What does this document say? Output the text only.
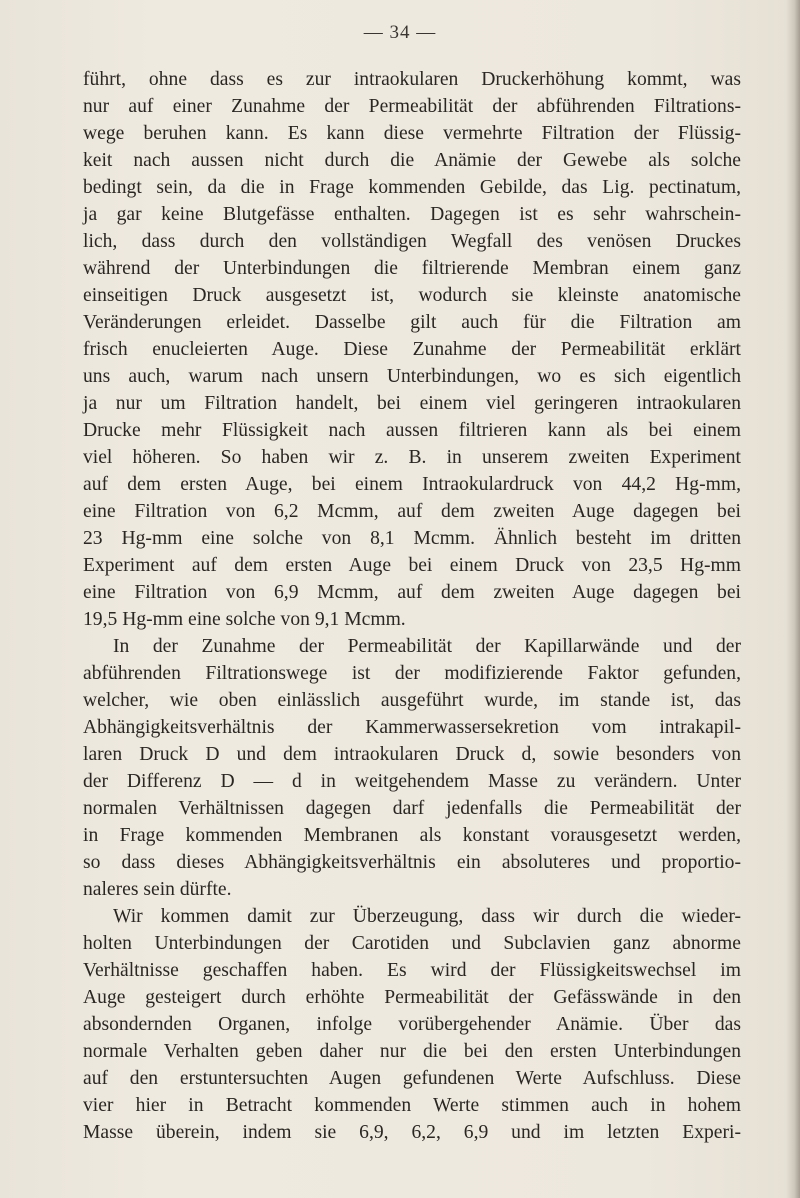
— 34 —
führt, ohne dass es zur intraokularen Druckerhöhung kommt, was
nur auf einer Zunahme der Permeabilität der abführenden Filtrations-
wege beruhen kann. Es kann diese vermehrte Filtration der Flüssig-
keit nach aussen nicht durch die Anämie der Gewebe als solche
bedingt sein, da die in Frage kommenden Gebilde, das Lig. pectinatum,
ja gar keine Blutgefässe enthalten. Dagegen ist es sehr wahrschein-
lich, dass durch den vollständigen Wegfall des venösen Druckes
während der Unterbindungen die filtrierende Membran einem ganz
einseitigen Druck ausgesetzt ist, wodurch sie kleinste anatomische
Veränderungen erleidet. Dasselbe gilt auch für die Filtration am
frisch enucleierten Auge. Diese Zunahme der Permeabilität erklärt
uns auch, warum nach unsern Unterbindungen, wo es sich eigentlich
ja nur um Filtration handelt, bei einem viel geringeren intraokularen
Drucke mehr Flüssigkeit nach aussen filtrieren kann als bei einem
viel höheren. So haben wir z. B. in unserem zweiten Experiment
auf dem ersten Auge, bei einem Intraokulardruck von 44,2 Hg-mm,
eine Filtration von 6,2 Mcmm, auf dem zweiten Auge dagegen bei
23 Hg-mm eine solche von 8,1 Mcmm. Ähnlich besteht im dritten
Experiment auf dem ersten Auge bei einem Druck von 23,5 Hg-mm
eine Filtration von 6,9 Mcmm, auf dem zweiten Auge dagegen bei
19,5 Hg-mm eine solche von 9,1 Mcmm.
In der Zunahme der Permeabilität der Kapillarwände und der
abführenden Filtrationswege ist der modifizierende Faktor gefunden,
welcher, wie oben einlässlich ausgeführt wurde, im stande ist, das
Abhängigkeitsverhältnis der Kammerwassersekretion vom intrakapil-
laren Druck D und dem intraokularen Druck d, sowie besonders von
der Differenz D — d in weitgehendem Masse zu verändern. Unter
normalen Verhältnissen dagegen darf jedenfalls die Permeabilität der
in Frage kommenden Membranen als konstant vorausgesetzt werden,
so dass dieses Abhängigkeitsverhältnis ein absoluteres und proportio-
naleres sein dürfte.
Wir kommen damit zur Überzeugung, dass wir durch die wieder-
holten Unterbindungen der Carotiden und Subclavien ganz abnorme
Verhältnisse geschaffen haben. Es wird der Flüssigkeitswechsel im
Auge gesteigert durch erhöhte Permeabilität der Gefässwände in den
absondernden Organen, infolge vorübergehender Anämie. Über das
normale Verhalten geben daher nur die bei den ersten Unterbindungen
auf den erstuntersuchten Augen gefundenen Werte Aufschluss. Diese
vier hier in Betracht kommenden Werte stimmen auch in hohem
Masse überein, indem sie 6,9, 6,2, 6,9 und im letzten Experi-
